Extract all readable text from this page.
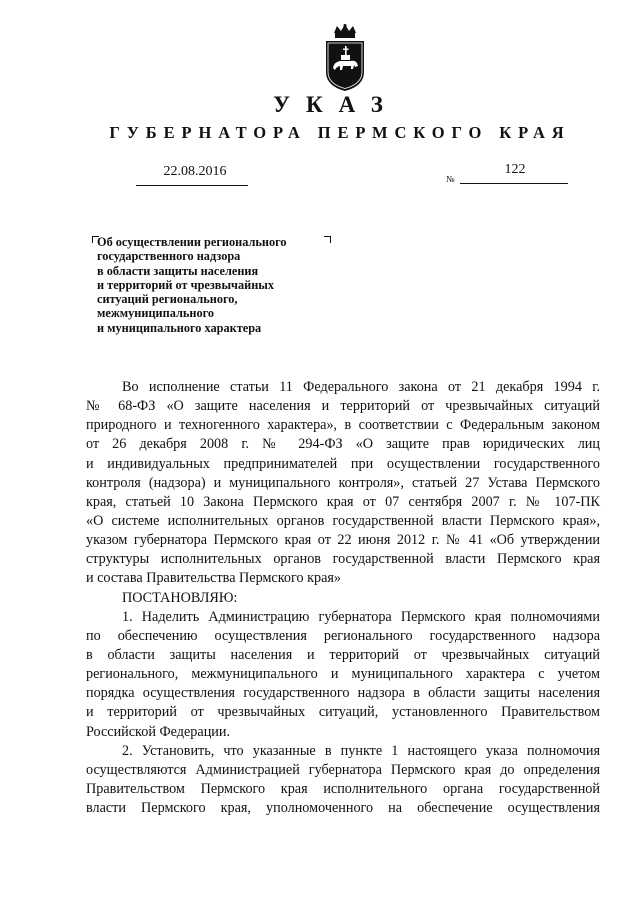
УКАЗ
ГУБЕРНАТОРА ПЕРМСКОГО КРАЯ
22.08.2016	№
122
Об осуществлении регионального
государственного надзора
в области защиты населения
и территорий от чрезвычайных
ситуаций регионального,
межмуниципального
и муниципального характера
Во исполнение статьи 11 Федерального закона от 21 декабря 1994 г.
№ 68-ФЗ «О защите населения и территорий от чрезвычайных ситуаций
природного и техногенного характера», в соответствии с Федеральным законом
от 26 декабря 2008 г. № 294-ФЗ «О защите прав юридических лиц
и индивидуальных предпринимателей при осуществлении государственного
контроля (надзора) и муниципального контроля», статьей 27 Устава Пермского
края, статьей 10 Закона Пермского края от 07 сентября 2007 г. № 107-ПК
«О системе исполнительных органов государственной власти Пермского края»,
указом губернатора Пермского края от 22 июня 2012 г. № 41 «Об утверждении
структуры исполнительных органов государственной власти Пермского края
и состава Правительства Пермского края»
ПОСТАНОВЛЯЮ:
1. Наделить Администрацию губернатора Пермского края полномочиями
по обеспечению осуществления регионального государственного надзора
в области защиты населения и территорий от чрезвычайных ситуаций
регионального, межмуниципального и муниципального характера с учетом
порядка осуществления государственного надзора в области защиты населения
и территорий от чрезвычайных ситуаций, установленного Правительством
Российской Федерации.
2. Установить, что указанные в пункте 1 настоящего указа полномочия
осуществляются Администрацией губернатора Пермского края до определения
Правительством Пермского края исполнительного органа государственной
власти Пермского края, уполномоченного на обеспечение осуществления
